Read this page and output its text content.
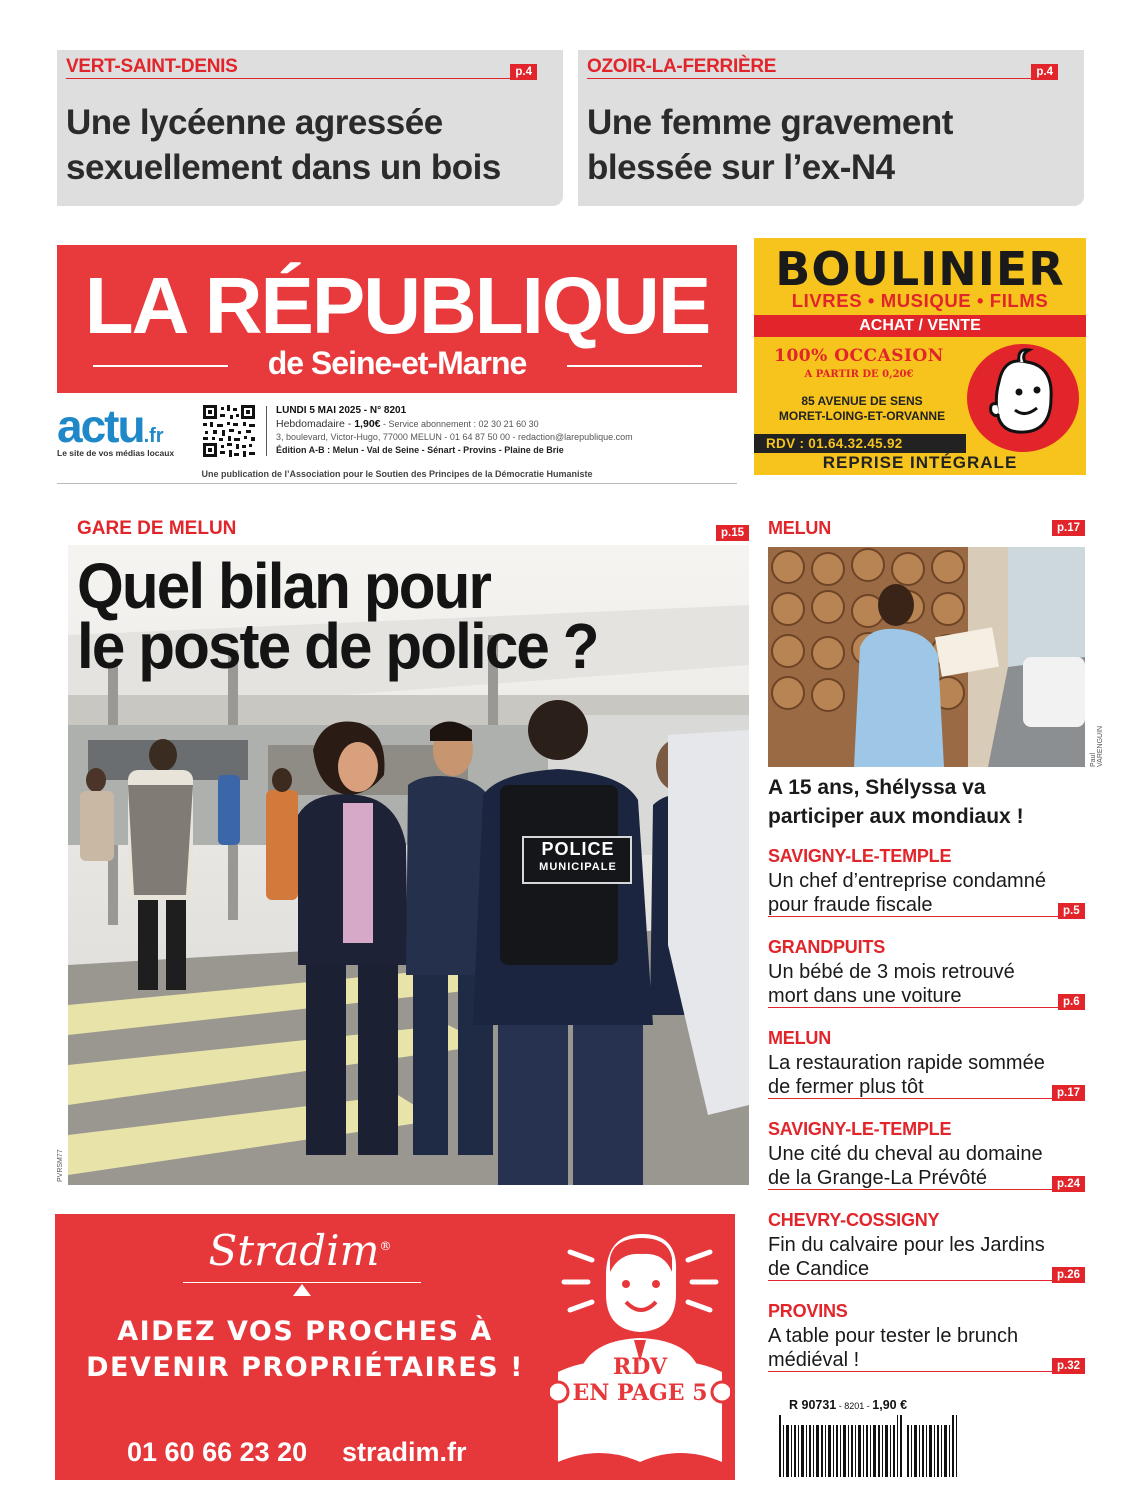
VERT-SAINT-DENIS	p.4
Une lycéenne agressée
sexuellement dans un bois
OZOIR-LA-FERRIÈRE	p.4
Une femme gravement
blessée sur l’ex-N4
LA RÉPUBLIQUE
de Seine-et-Marne
actu.fr
Le site de vos médias locaux
LUNDI 5 MAI 2025 - N° 8201
Hebdomadaire - 1,90€ - Service abonnement : 02 30 21 60 30
3, boulevard, Victor-Hugo, 77000 MELUN - 01 64 87 50 00 - redaction@larepublique.com
Édition A-B : Melun - Val de Seine - Sénart - Provins - Plaine de Brie
Une publication de l’Association pour le Soutien des Principes de la Démocratie Humaniste
BOULINIER
LIVRES • MUSIQUE • FILMS
ACHAT / VENTE
100% OCCASION
A PARTIR DE 0,20€
85 AVENUE DE SENS
MORET-LOING-ET-ORVANNE
RDV : 01.64.32.45.92
REPRISE INTÉGRALE
GARE DE MELUN	p.15
POLICE
MUNICIPALE
Quel bilan pour
le poste de police ?
PVRSM77
MELUN	p.17
Paul VARENGUIN
A 15 ans, Shélyssa va
participer aux mondiaux !
SAVIGNY-LE-TEMPLE
Un chef d’entreprise condamné
pour fraude fiscale	p.5
GRANDPUITS
Un bébé de 3 mois retrouvé
mort dans une voiture	p.6
MELUN
La restauration rapide sommée
de fermer plus tôt	p.17
SAVIGNY-LE-TEMPLE
Une cité du cheval au domaine
de la Grange-La Prévôté	p.24
CHEVRY-COSSIGNY
Fin du calvaire pour les Jardins
de Candice	p.26
PROVINS
A table pour tester le brunch
médiéval !	p.32
Stradim®
AIDEZ VOS PROCHES À
DEVENIR PROPRIÉTAIRES !	RDV
EN PAGE 5
01 60 66 23 20 stradim.fr
R 90731 - 8201 - 1,90 €
